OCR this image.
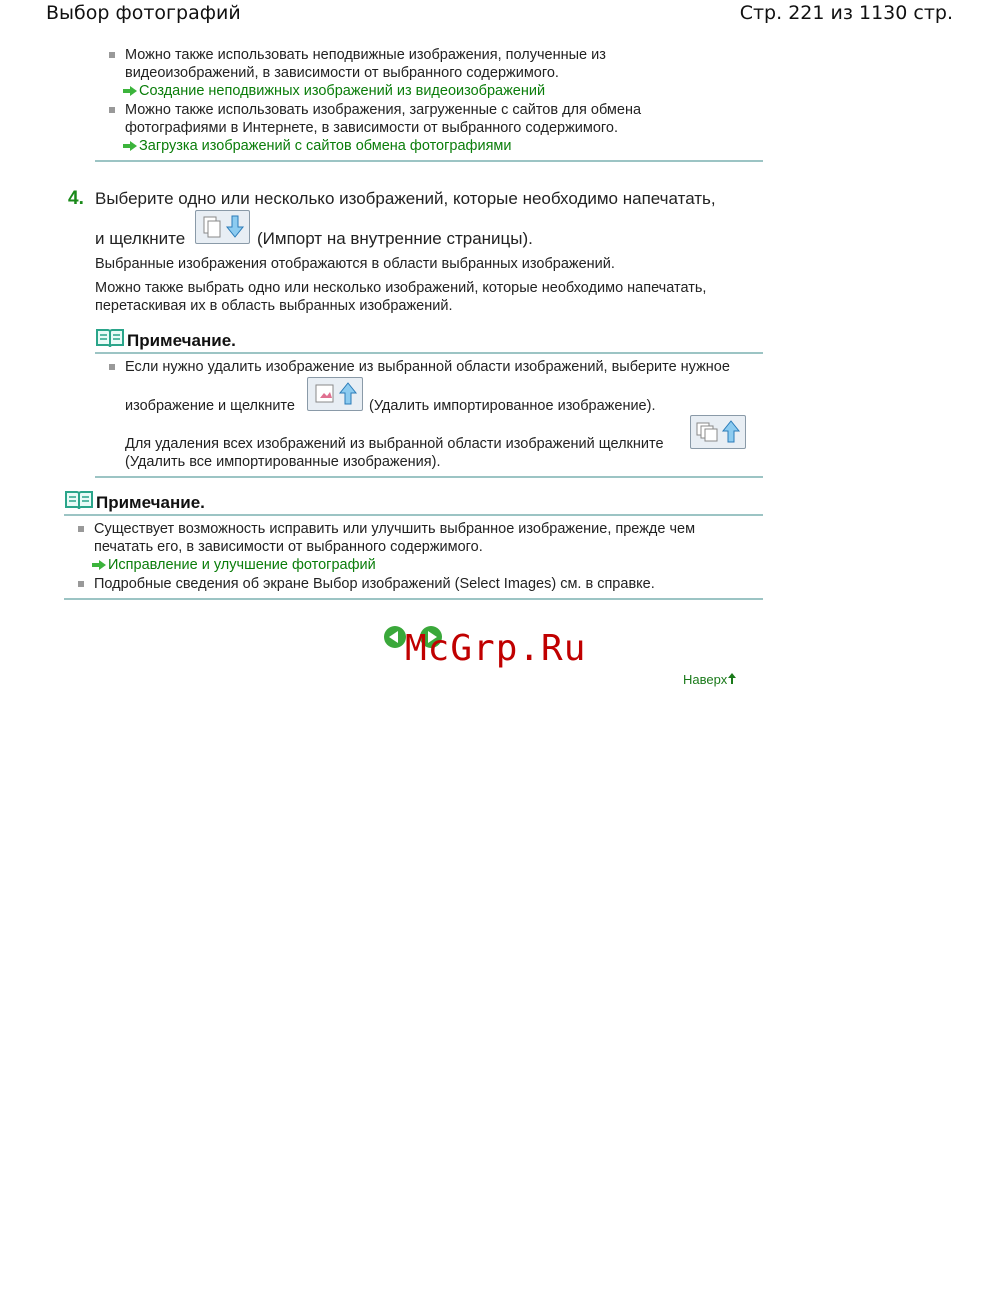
Выбор фотографий	Стр. 221 из 1130 стр.
Можно также использовать неподвижные изображения, полученные из
видеоизображений, в зависимости от выбранного содержимого.
Создание неподвижных изображений из видеоизображений
Можно также использовать изображения, загруженные с сайтов для обмена
фотографиями в Интернете, в зависимости от выбранного содержимого.
Загрузка изображений с сайтов обмена фотографиями
4. Выберите одно или несколько изображений, которые необходимо напечатать,
и щелкните	(Импорт на внутренние страницы).
Выбранные изображения отображаются в области выбранных изображений.
Можно также выбрать одно или несколько изображений, которые необходимо напечатать,
перетаскивая их в область выбранных изображений.
Примечание.
Если нужно удалить изображение из выбранной области изображений, выберите нужное
изображение и щелкните	(Удалить импортированное изображение).
Для удаления всех изображений из выбранной области изображений щелкните
(Удалить все импортированные изображения).
Примечание.
Существует возможность исправить или улучшить выбранное изображение, прежде чем
печатать его, в зависимости от выбранного содержимого.
Исправление и улучшение фотографий
Подробные сведения об экране Выбор изображений (Select Images) см. в справке.
McGrp.Ru
Наверх
